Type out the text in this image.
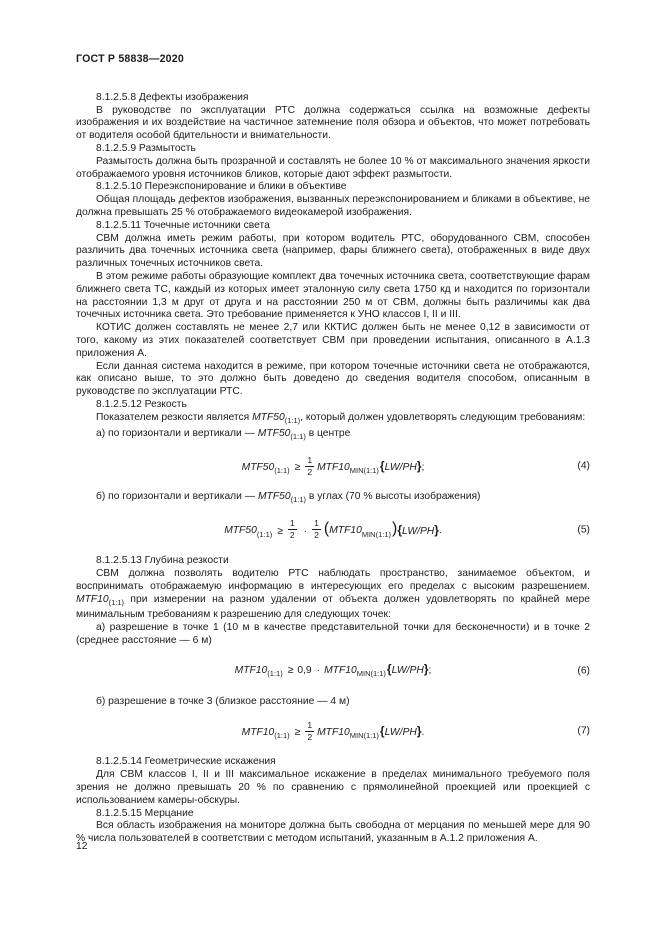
ГОСТ Р 58838—2020
8.1.2.5.8 Дефекты изображения
В руководстве по эксплуатации РТС должна содержаться ссылка на возможные дефекты изображения и их воздействие на частичное затемнение поля обзора и объектов, что может потребовать от водителя особой бдительности и внимательности.
8.1.2.5.9 Размытость
Размытость должна быть прозрачной и составлять не более 10 % от максимального значения яркости отображаемого уровня источников бликов, которые дают эффект размытости.
8.1.2.5.10 Переэкспонирование и блики в объективе
Общая площадь дефектов изображения, вызванных переэкспонированием и бликами в объективе, не должна превышать 25 % отображаемого видеокамерой изображения.
8.1.2.5.11 Точечные источники света
СВМ должна иметь режим работы, при котором водитель РТС, оборудованного СВМ, способен различить два точечных источника света (например, фары ближнего света), отображенных в виде двух различных точечных источников света.
В этом режиме работы образующие комплект два точечных источника света, соответствующие фарам ближнего света ТС, каждый из которых имеет эталонную силу света 1750 кд и находится по горизонтали на расстоянии 1,3 м друг от друга и на расстоянии 250 м от СВМ, должны быть различимы как два точечных источника света. Это требование применяется к УНО классов I, II и III.
КОТИС должен составлять не менее 2,7 или ККТИС должен быть не менее 0,12 в зависимости от того, какому из этих показателей соответствует СВМ при проведении испытания, описанного в А.1.3 приложения А.
Если данная система находится в режиме, при котором точечные источники света не отображаются, как описано выше, то это должно быть доведено до сведения водителя способом, описанным в руководстве по эксплуатации РТС.
8.1.2.5.12 Резкость
Показателем резкости является $MTF50_{(1:1)}$, который должен удовлетворять следующим требованиям:
а) по горизонтали и вертикали — $MTF50_{(1:1)}$ в центре
$MTF50_{(1:1)} \ge \frac{1}{2} MTF10_{MIN(1:1)}\{LW/PH\}$;	(4)
б) по горизонтали и вертикали — $MTF50_{(1:1)}$ в углах (70 % высоты изображения)
$MTF50_{(1:1)} \ge \frac{1}{2} \cdot \frac{1}{2} (MTF10_{MIN(1:1)})\{LW/PH\}$.	(5)
8.1.2.5.13 Глубина резкости
СВМ должна позволять водителю РТС наблюдать пространство, занимаемое объектом, и воспринимать отображаемую информацию в интересующих его пределах с высоким разрешением. $MTF10_{(1:1)}$ при измерении на разном удалении от объекта должен удовлетворять по крайней мере минимальным требованиям к разрешению для следующих точек:
а) разрешение в точке 1 (10 м в качестве представительной точки для бесконечности) и в точке 2 (среднее расстояние — 6 м)
$MTF10_{(1:1)} \ge 0,9 \cdot MTF10_{MIN(1:1)}\{LW/PH\}$;	(6)
б) разрешение в точке 3 (близкое расстояние — 4 м)
$MTF10_{(1:1)} \ge \frac{1}{2} MTF10_{MIN(1:1)}\{LW/PH\}$.	(7)
8.1.2.5.14 Геометрические искажения
Для СВМ классов I, II и III максимальное искажение в пределах минимального требуемого поля зрения не должно превышать 20 % по сравнению с прямолинейной проекцией или проекцией с использованием камеры-обскуры.
8.1.2.5.15 Мерцание
Вся область изображения на мониторе должна быть свободна от мерцания по меньшей мере для 90 % числа пользователей в соответствии с методом испытаний, указанным в А.1.2 приложения А.
12
